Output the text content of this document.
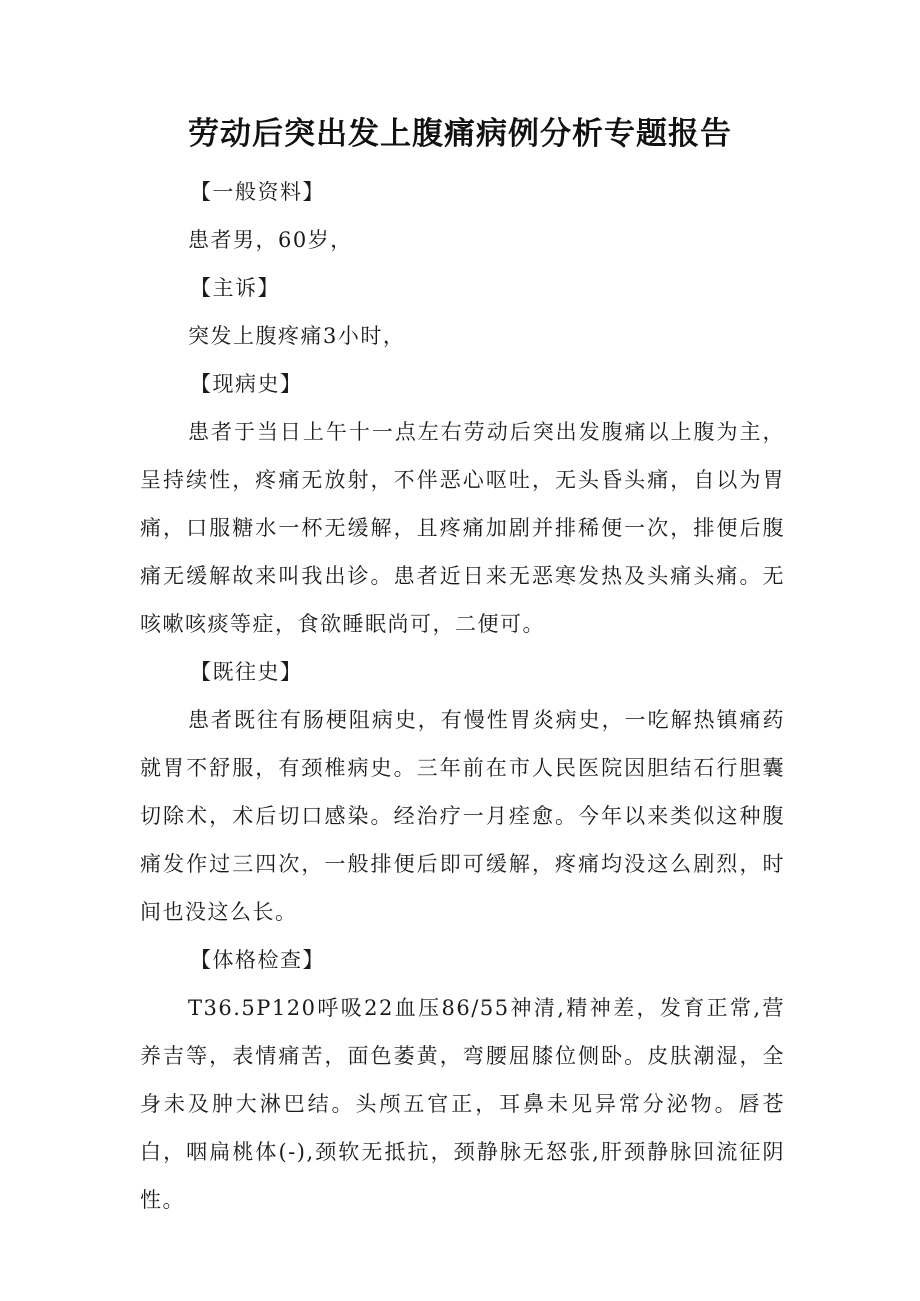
劳动后突出发上腹痛病例分析专题报告
【一般资料】
患者男，60岁，
【主诉】
突发上腹疼痛3小时，
【现病史】

患者于当日上午十一点左右劳动后突出发腹痛以上腹为主，呈持续性，疼痛无放射，不伴恶心呕吐，无头昏头痛，自以为胃痛，口服糖水一杯无缓解，且疼痛加剧并排稀便一次，排便后腹痛无缓解故来叫我出诊。患者近日来无恶寒发热及头痛头痛。无咳嗽咳痰等症，食欲睡眠尚可，二便可。

【既往史】

患者既往有肠梗阻病史，有慢性胃炎病史，一吃解热镇痛药就胃不舒服，有颈椎病史。三年前在市人民医院因胆结石行胆囊切除术，术后切口感染。经治疗一月痊愈。今年以来类似这种腹痛发作过三四次，一般排便后即可缓解，疼痛均没这么剧烈，时间也没这么长。

【体格检查】

T36.5P120呼吸22血压86/55神清,精神差，发育正常,营养吉等，表情痛苦，面色萎黄，弯腰屈膝位侧卧。皮肤潮湿，全身未及肿大淋巴结。头颅五官正，耳鼻未见异常分泌物。唇苍白，咽扁桃体(-),颈软无抵抗，颈静脉无怒张,肝颈静脉回流征阴性。
